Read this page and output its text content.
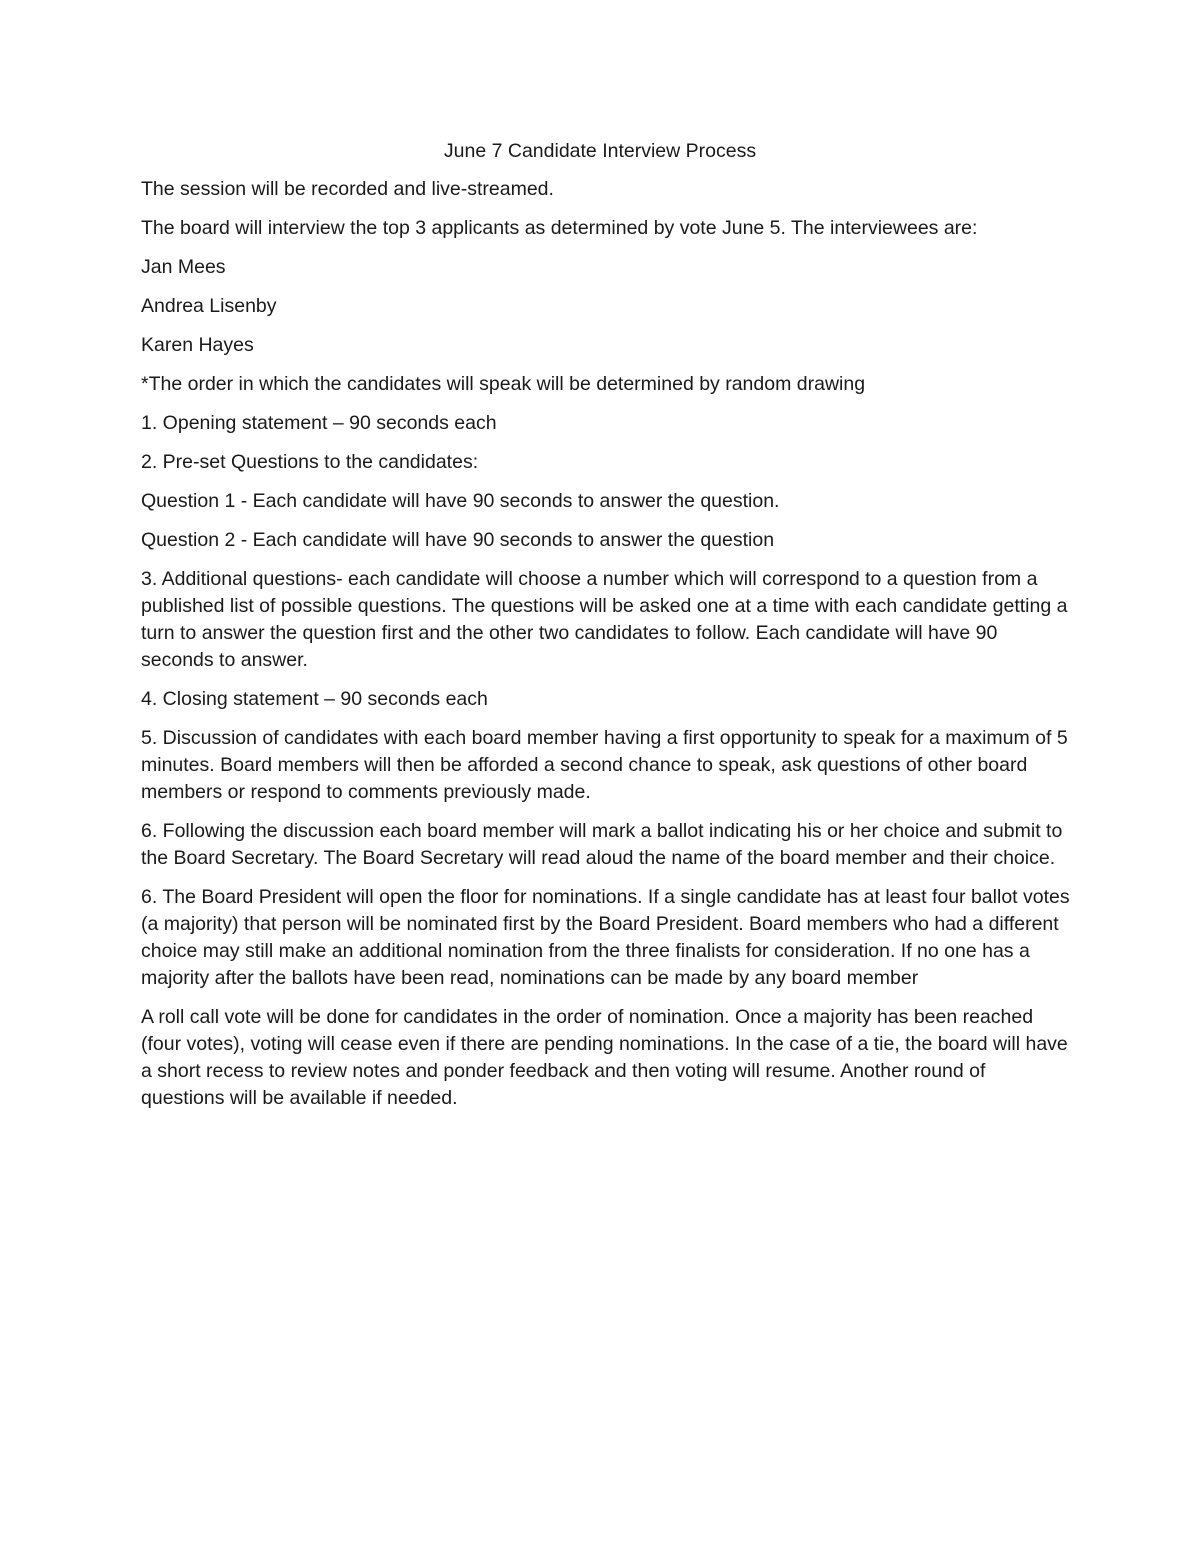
June 7 Candidate Interview Process
The session will be recorded and live-streamed.
The board will interview the top 3 applicants as determined by vote June 5. The interviewees are:
Jan Mees
Andrea Lisenby
Karen Hayes
*The order in which the candidates will speak will be determined by random drawing
1. Opening statement – 90 seconds each
2. Pre-set Questions to the candidates:
Question 1 - Each candidate will have 90 seconds to answer the question.
Question 2 - Each candidate will have 90 seconds to answer the question
3. Additional questions- each candidate will choose a number which will correspond to a question from a published list of possible questions. The questions will be asked one at a time with each candidate getting a turn to answer the question first and the other two candidates to follow. Each candidate will have 90 seconds to answer.
4. Closing statement – 90 seconds each
5. Discussion of candidates with each board member having a first opportunity to speak for a maximum of 5 minutes. Board members will then be afforded a second chance to speak, ask questions of other board members or respond to comments previously made.
6. Following the discussion each board member will mark a ballot indicating his or her choice and submit to the Board Secretary. The Board Secretary will read aloud the name of the board member and their choice.
6. The Board President will open the floor for nominations. If a single candidate has at least four ballot votes (a majority) that person will be nominated first by the Board President. Board members who had a different choice may still make an additional nomination from the three finalists for consideration. If no one has a majority after the ballots have been read, nominations can be made by any board member
A roll call vote will be done for candidates in the order of nomination. Once a majority has been reached (four votes), voting will cease even if there are pending nominations. In the case of a tie, the board will have a short recess to review notes and ponder feedback and then voting will resume. Another round of questions will be available if needed.
